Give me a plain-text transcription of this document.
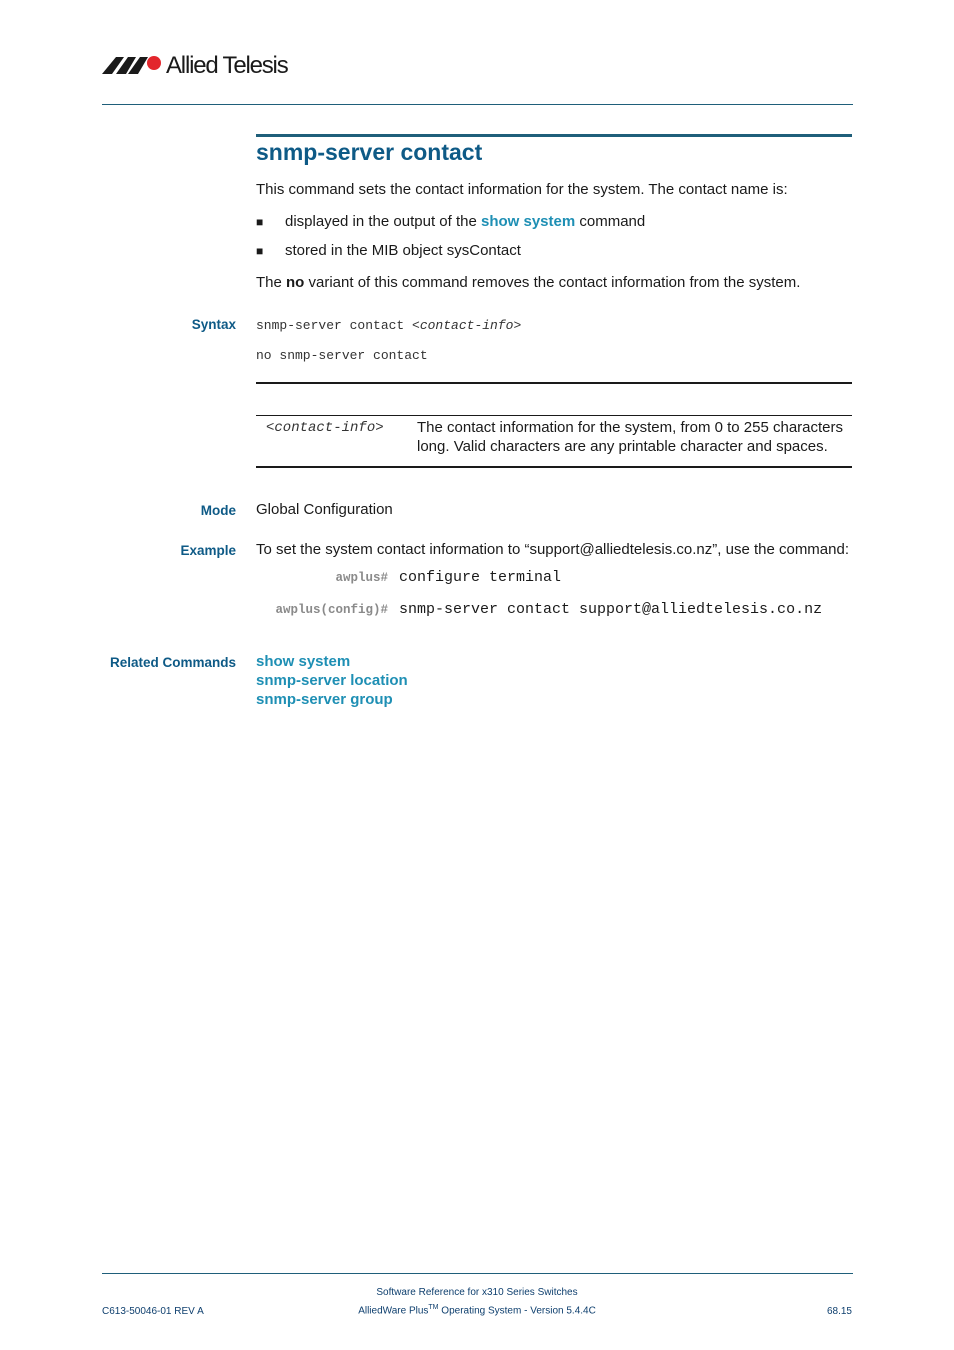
Allied Telesis
snmp-server contact
This command sets the contact information for the system. The contact name is:
■ displayed in the output of the show system command
■ stored in the MIB object sysContact
The no variant of this command removes the contact information from the system.
Syntax snmp-server contact <contact-info>
no snmp-server contact
<contact-info> The contact information for the system, from 0 to 255 characters long. Valid characters are any printable character and spaces.
Mode Global Configuration
Example To set the system contact information to “support@alliedtelesis.co.nz”, use the command:
awplus# configure terminal
awplus(config)# snmp-server contact support@alliedtelesis.co.nz
Related Commands show system
snmp-server location
snmp-server group
C613-50046-01 REV A
Software Reference for x310 Series Switches
AlliedWare Plus™ Operating System - Version 5.4.4C	68.15
